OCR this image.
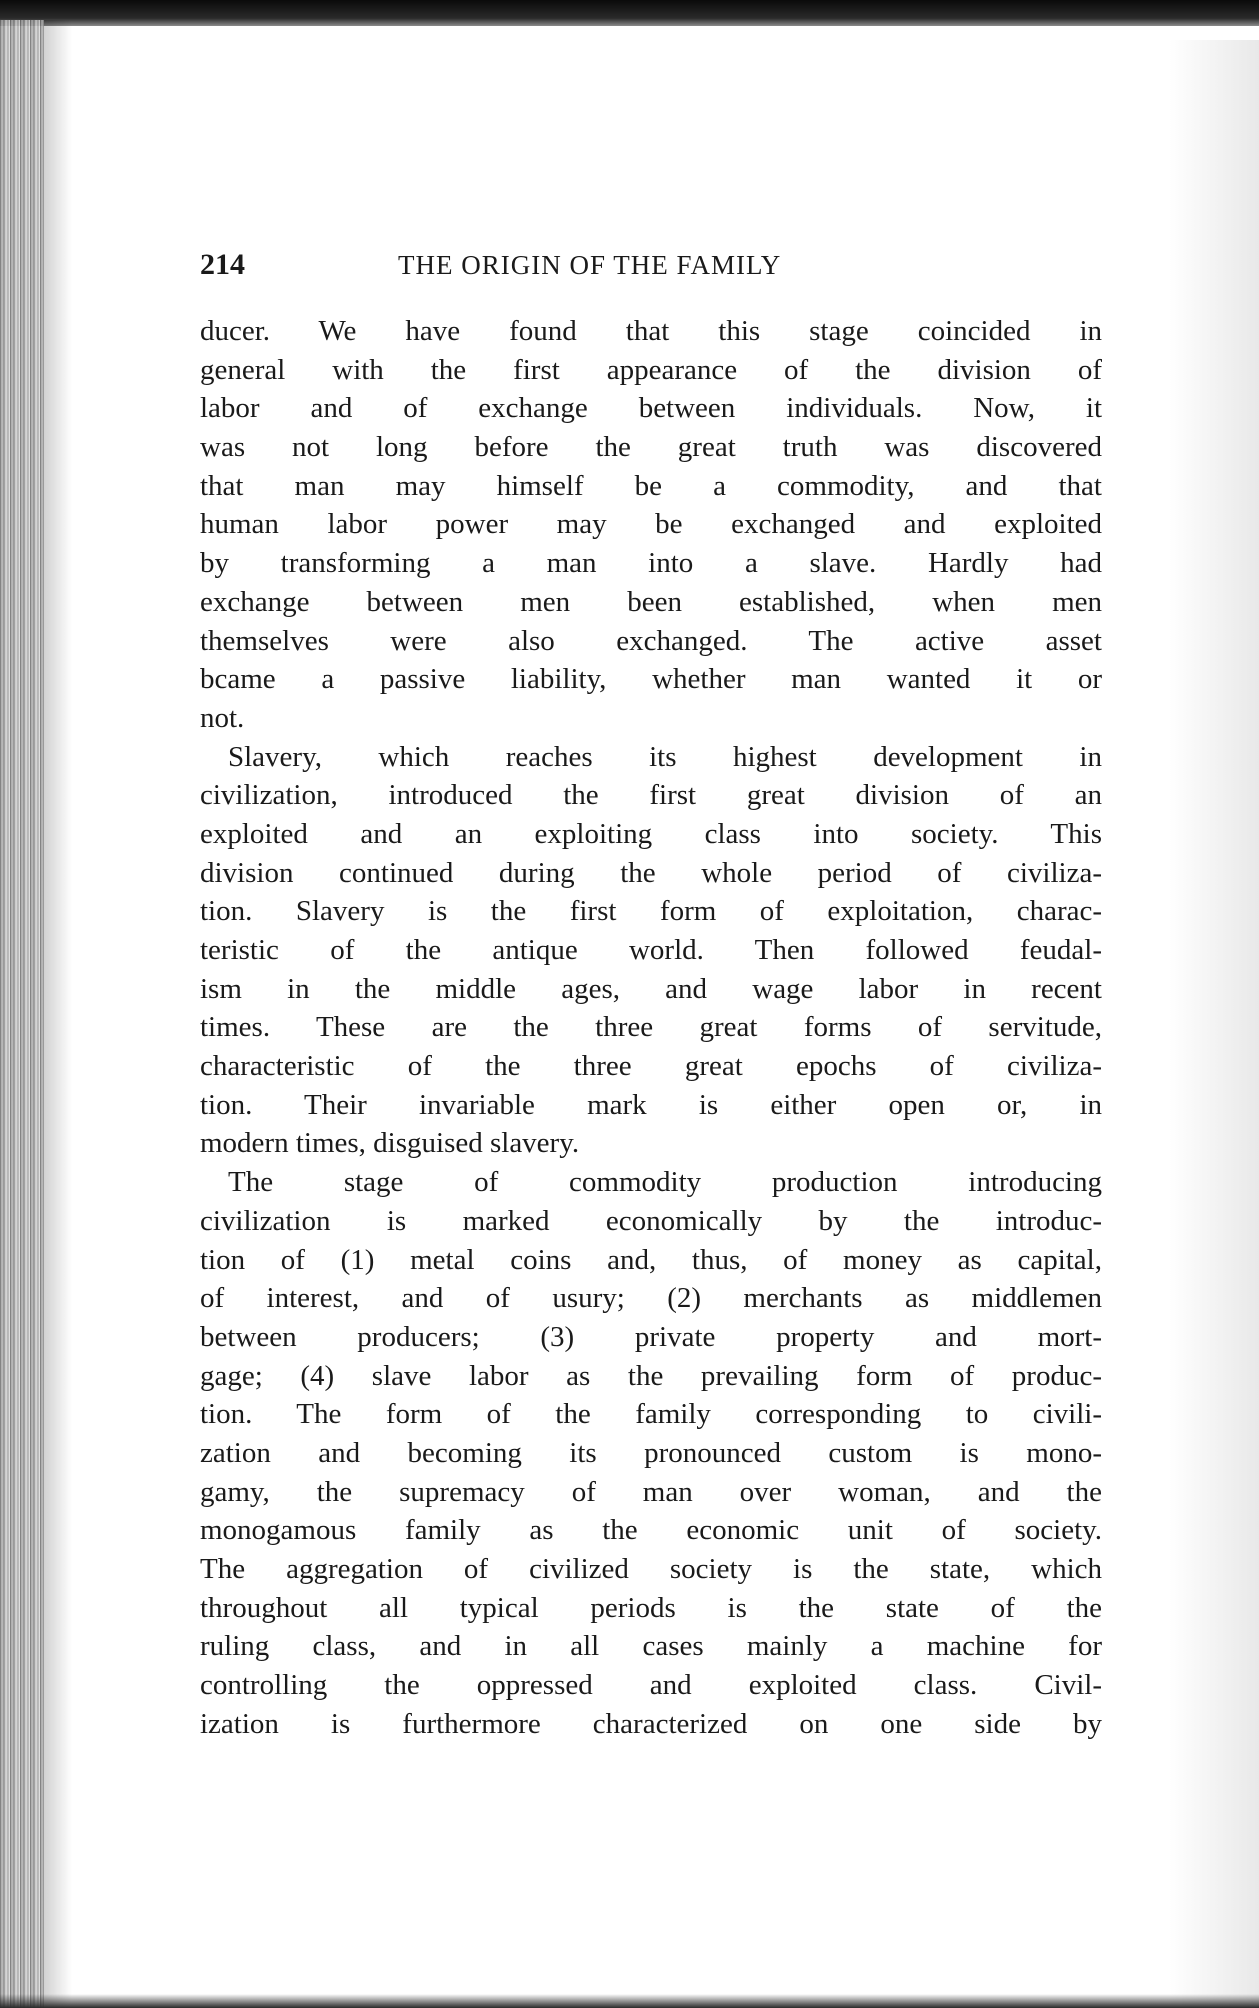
214	THE ORIGIN OF THE FAMILY
ducer. We have found that this stage coincided in
general with the first appearance of the division of
labor and of exchange between individuals. Now, it
was not long before the great truth was discovered
that man may himself be a commodity, and that
human labor power may be exchanged and exploited
by transforming a man into a slave. Hardly had
exchange between men been established, when men
themselves were also exchanged. The active asset
bcame a passive liability, whether man wanted it or
not.
Slavery, which reaches its highest development in
civilization, introduced the first great division of an
exploited and an exploiting class into society. This
division continued during the whole period of civiliza-
tion. Slavery is the first form of exploitation, charac-
teristic of the antique world. Then followed feudal-
ism in the middle ages, and wage labor in recent
times. These are the three great forms of servitude,
characteristic of the three great epochs of civiliza-
tion. Their invariable mark is either open or, in
modern times, disguised slavery.
The stage of commodity production introducing
civilization is marked economically by the introduc-
tion of (1) metal coins and, thus, of money as capital,
of interest, and of usury; (2) merchants as middlemen
between producers; (3) private property and mort-
gage; (4) slave labor as the prevailing form of produc-
tion. The form of the family corresponding to civili-
zation and becoming its pronounced custom is mono-
gamy, the supremacy of man over woman, and the
monogamous family as the economic unit of society.
The aggregation of civilized society is the state, which
throughout all typical periods is the state of the
ruling class, and in all cases mainly a machine for
controlling the oppressed and exploited class. Civil-
ization is furthermore characterized on one side by
